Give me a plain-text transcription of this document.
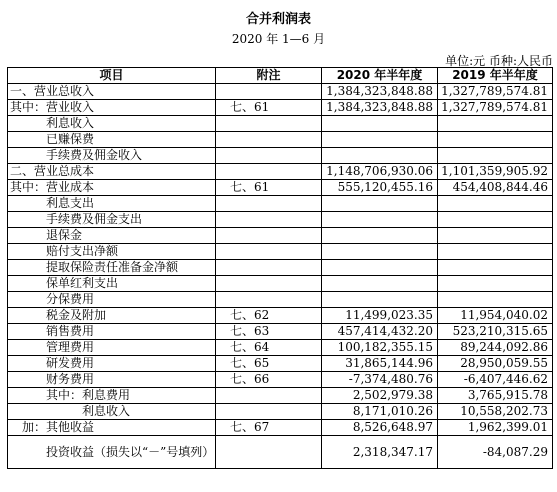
合并利润表
2020 年 1—6 月
单位:元 币种:人民币
项目	附注	2020 年半年度	2019 年半年度
一、营业总收入		1,384,323,848.88	1,327,789,574.81
其中：营业收入	七、61	1,384,323,848.88	1,327,789,574.81
利息收入			
已赚保费			
手续费及佣金收入			
二、营业总成本		1,148,706,930.06	1,101,359,905.92
其中：营业成本	七、61	555,120,455.16	454,408,844.46
利息支出			
手续费及佣金支出			
退保金			
赔付支出净额			
提取保险责任准备金净额			
保单红利支出			
分保费用			
税金及附加	七、62	11,499,023.35	11,954,040.02
销售费用	七、63	457,414,432.20	523,210,315.65
管理费用	七、64	100,182,355.15	89,244,092.86
研发费用	七、65	31,865,144.96	28,950,059.55
财务费用	七、66	-7,374,480.76	-6,407,446.62
其中：利息费用		2,502,979.38	3,765,915.78
利息收入		8,171,010.26	10,558,202.73
加：其他收益	七、67	8,526,648.97	1,962,399.01
投资收益（损失以“－”号填列）		2,318,347.17	-84,087.29
